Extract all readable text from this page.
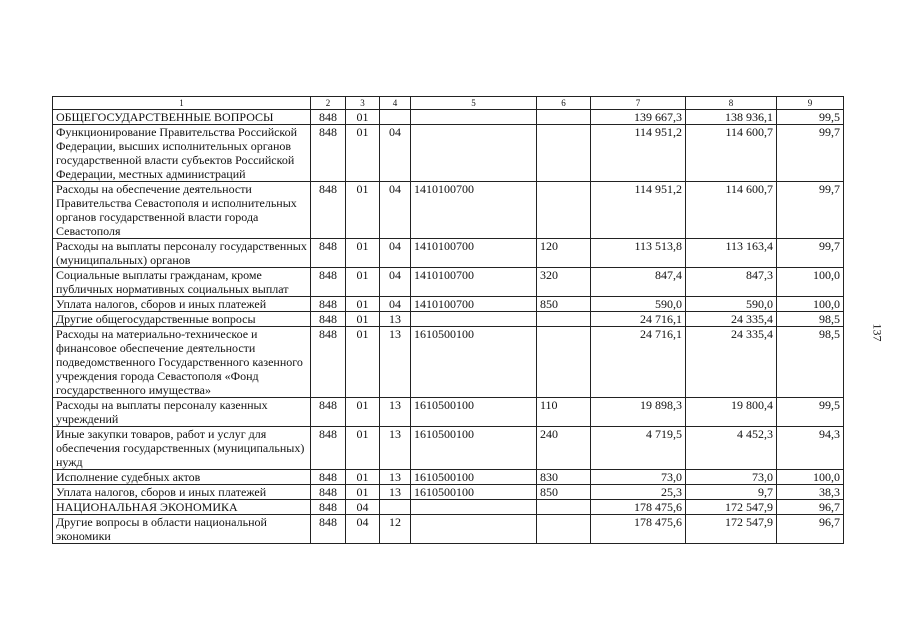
1	2	3	4	5	6	7	8	9
ОБЩЕГОСУДАРСТВЕННЫЕ ВОПРОСЫ	848	01				139 667,3	138 936,1	99,5
Функционирование Правительства Российской Федерации, высших исполнительных органов государственной власти субъектов Российской Федерации, местных администраций	848	01	04			114 951,2	114 600,7	99,7
Расходы на обеспечение деятельности Правительства Севастополя и исполнительных органов государственной власти города Севастополя	848	01	04	1410100700		114 951,2	114 600,7	99,7
Расходы на выплаты персоналу государственных (муниципальных) органов	848	01	04	1410100700	120	113 513,8	113 163,4	99,7
Социальные выплаты гражданам, кроме публичных нормативных социальных выплат	848	01	04	1410100700	320	847,4	847,3	100,0
Уплата налогов, сборов и иных платежей	848	01	04	1410100700	850	590,0	590,0	100,0
Другие общегосударственные вопросы	848	01	13			24 716,1	24 335,4	98,5
Расходы на материально-техническое и финансовое обеспечение деятельности подведомственного Государственного казенного учреждения города Севастополя «Фонд государственного имущества»	848	01	13	1610500100		24 716,1	24 335,4	98,5
Расходы на выплаты персоналу казенных учреждений	848	01	13	1610500100	110	19 898,3	19 800,4	99,5
Иные закупки товаров, работ и услуг для обеспечения государственных (муниципальных) нужд	848	01	13	1610500100	240	4 719,5	4 452,3	94,3
Исполнение судебных актов	848	01	13	1610500100	830	73,0	73,0	100,0
Уплата налогов, сборов и иных платежей	848	01	13	1610500100	850	25,3	9,7	38,3
НАЦИОНАЛЬНАЯ ЭКОНОМИКА	848	04				178 475,6	172 547,9	96,7
Другие вопросы в области национальной экономики	848	04	12			178 475,6	172 547,9	96,7
137
